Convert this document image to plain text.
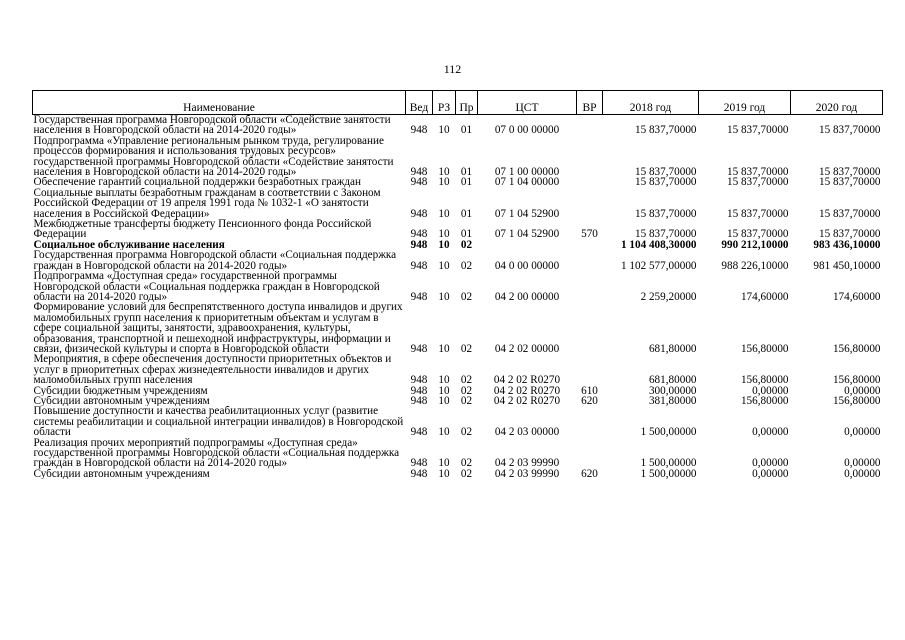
112
Наименование	Вед	РЗ	Пр	ЦСТ	ВР	2018 год	2019 год	2020 год
Государственная программа Новгородской области «Содействие занятости населения в Новгородской области на 2014-2020 годы»	948	10	01	07 0 00 00000		15 837,70000	15 837,70000	15 837,70000
Подпрограмма «Управление региональным рынком труда, регулирование процессов формирования и использования трудовых ресурсов» государственной программы Новгородской области «Содействие занятости населения в Новгородской области на 2014-2020 годы»	948	10	01	07 1 00 00000		15 837,70000	15 837,70000	15 837,70000
Обеспечение гарантий социальной поддержки безработных граждан	948	10	01	07 1 04 00000		15 837,70000	15 837,70000	15 837,70000
Социальные выплаты безработным гражданам в соответствии с Законом Российской Федерации от 19 апреля 1991 года № 1032-1 «О занятости населения в Российской Федерации»	948	10	01	07 1 04 52900		15 837,70000	15 837,70000	15 837,70000
Межбюджетные трансферты бюджету Пенсионного фонда Российской Федерации	948	10	01	07 1 04 52900	570	15 837,70000	15 837,70000	15 837,70000
Социальное обслуживание населения	948	10	02			1 104 408,30000	990 212,10000	983 436,10000
Государственная программа Новгородской области «Социальная поддержка граждан в Новгородской области на 2014-2020 годы»	948	10	02	04 0 00 00000		1 102 577,00000	988 226,10000	981 450,10000
Подпрограмма «Доступная среда» государственной программы Новгородской области «Социальная поддержка граждан в Новгородской области на 2014-2020 годы»	948	10	02	04 2 00 00000		2 259,20000	174,60000	174,60000
Формирование условий для беспрепятственного доступа инвалидов и других маломобильных групп населения к приоритетным объектам и услугам в сфере социальной защиты, занятости, здравоохранения, культуры, образования, транспортной и пешеходной инфраструктуры, информации и связи, физической культуры и спорта в Новгородской области	948	10	02	04 2 02 00000		681,80000	156,80000	156,80000
Мероприятия, в сфере обеспечения доступности приоритетных объектов и услуг в приоритетных сферах жизнедеятельности инвалидов и других маломобильных групп населения	948	10	02	04 2 02 R0270		681,80000	156,80000	156,80000
Субсидии бюджетным учреждениям	948	10	02	04 2 02 R0270	610	300,00000	0,00000	0,00000
Субсидии автономным учреждениям	948	10	02	04 2 02 R0270	620	381,80000	156,80000	156,80000
Повышение доступности и качества реабилитационных услуг (развитие системы реабилитации и социальной интеграции инвалидов) в Новгородской области	948	10	02	04 2 03 00000		1 500,00000	0,00000	0,00000
Реализация прочих мероприятий подпрограммы «Доступная среда» государственной программы Новгородской области «Социальная поддержка граждан в Новгородской области на 2014-2020 годы»	948	10	02	04 2 03 99990		1 500,00000	0,00000	0,00000
Субсидии автономным учреждениям	948	10	02	04 2 03 99990	620	1 500,00000	0,00000	0,00000
